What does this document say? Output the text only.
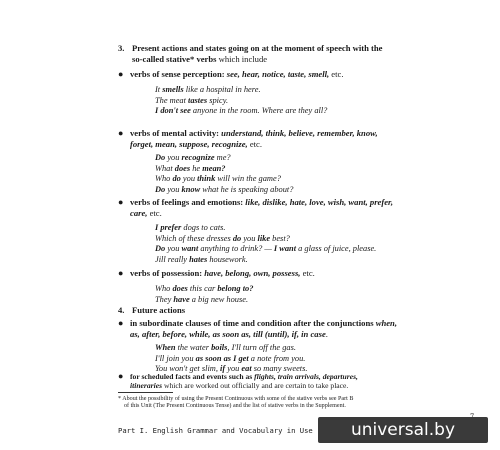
3. Present actions and states going on at the moment of speech with the
so-called stative* verbs which include
● verbs of sense perception: see, hear, notice, taste, smell, etc.
It smells like a hospital in here.
The meat tastes spicy.
I don't see anyone in the room. Where are they all?
● verbs of mental activity: understand, think, believe, remember, know,
forget, mean, suppose, recognize, etc.
Do you recognize me?
What does he mean?
Who do you think will win the game?
Do you know what he is speaking about?
● verbs of feelings and emotions: like, dislike, hate, love, wish, want, prefer,
care, etc.
I prefer dogs to cats.
Which of these dresses do you like best?
Do you want anything to drink? — I want a glass of juice, please.
Jill really hates housework.
● verbs of possession: have, belong, own, possess, etc.
Who does this car belong to?
They have a big new house.
4. Future actions
● in subordinate clauses of time and condition after the conjunctions when,
as, after, before, while, as soon as, till (until), if, in case.
When the water boils, I'll turn off the gas.
I'll join you as soon as I get a note from you.
You won't get slim, if you eat so many sweets.
* About the possibility of using the Present Continuous with some of the stative verbs see Part B
of this Unit (The Present Continuous Tense) and the list of stative verbs in the Supplement.
Part I. English Grammar and Vocabulary in Use	universal.by
● for scheduled facts and events such as flights, train arrivals, departures,
itineraries which are worked out officially and are certain to take place.
